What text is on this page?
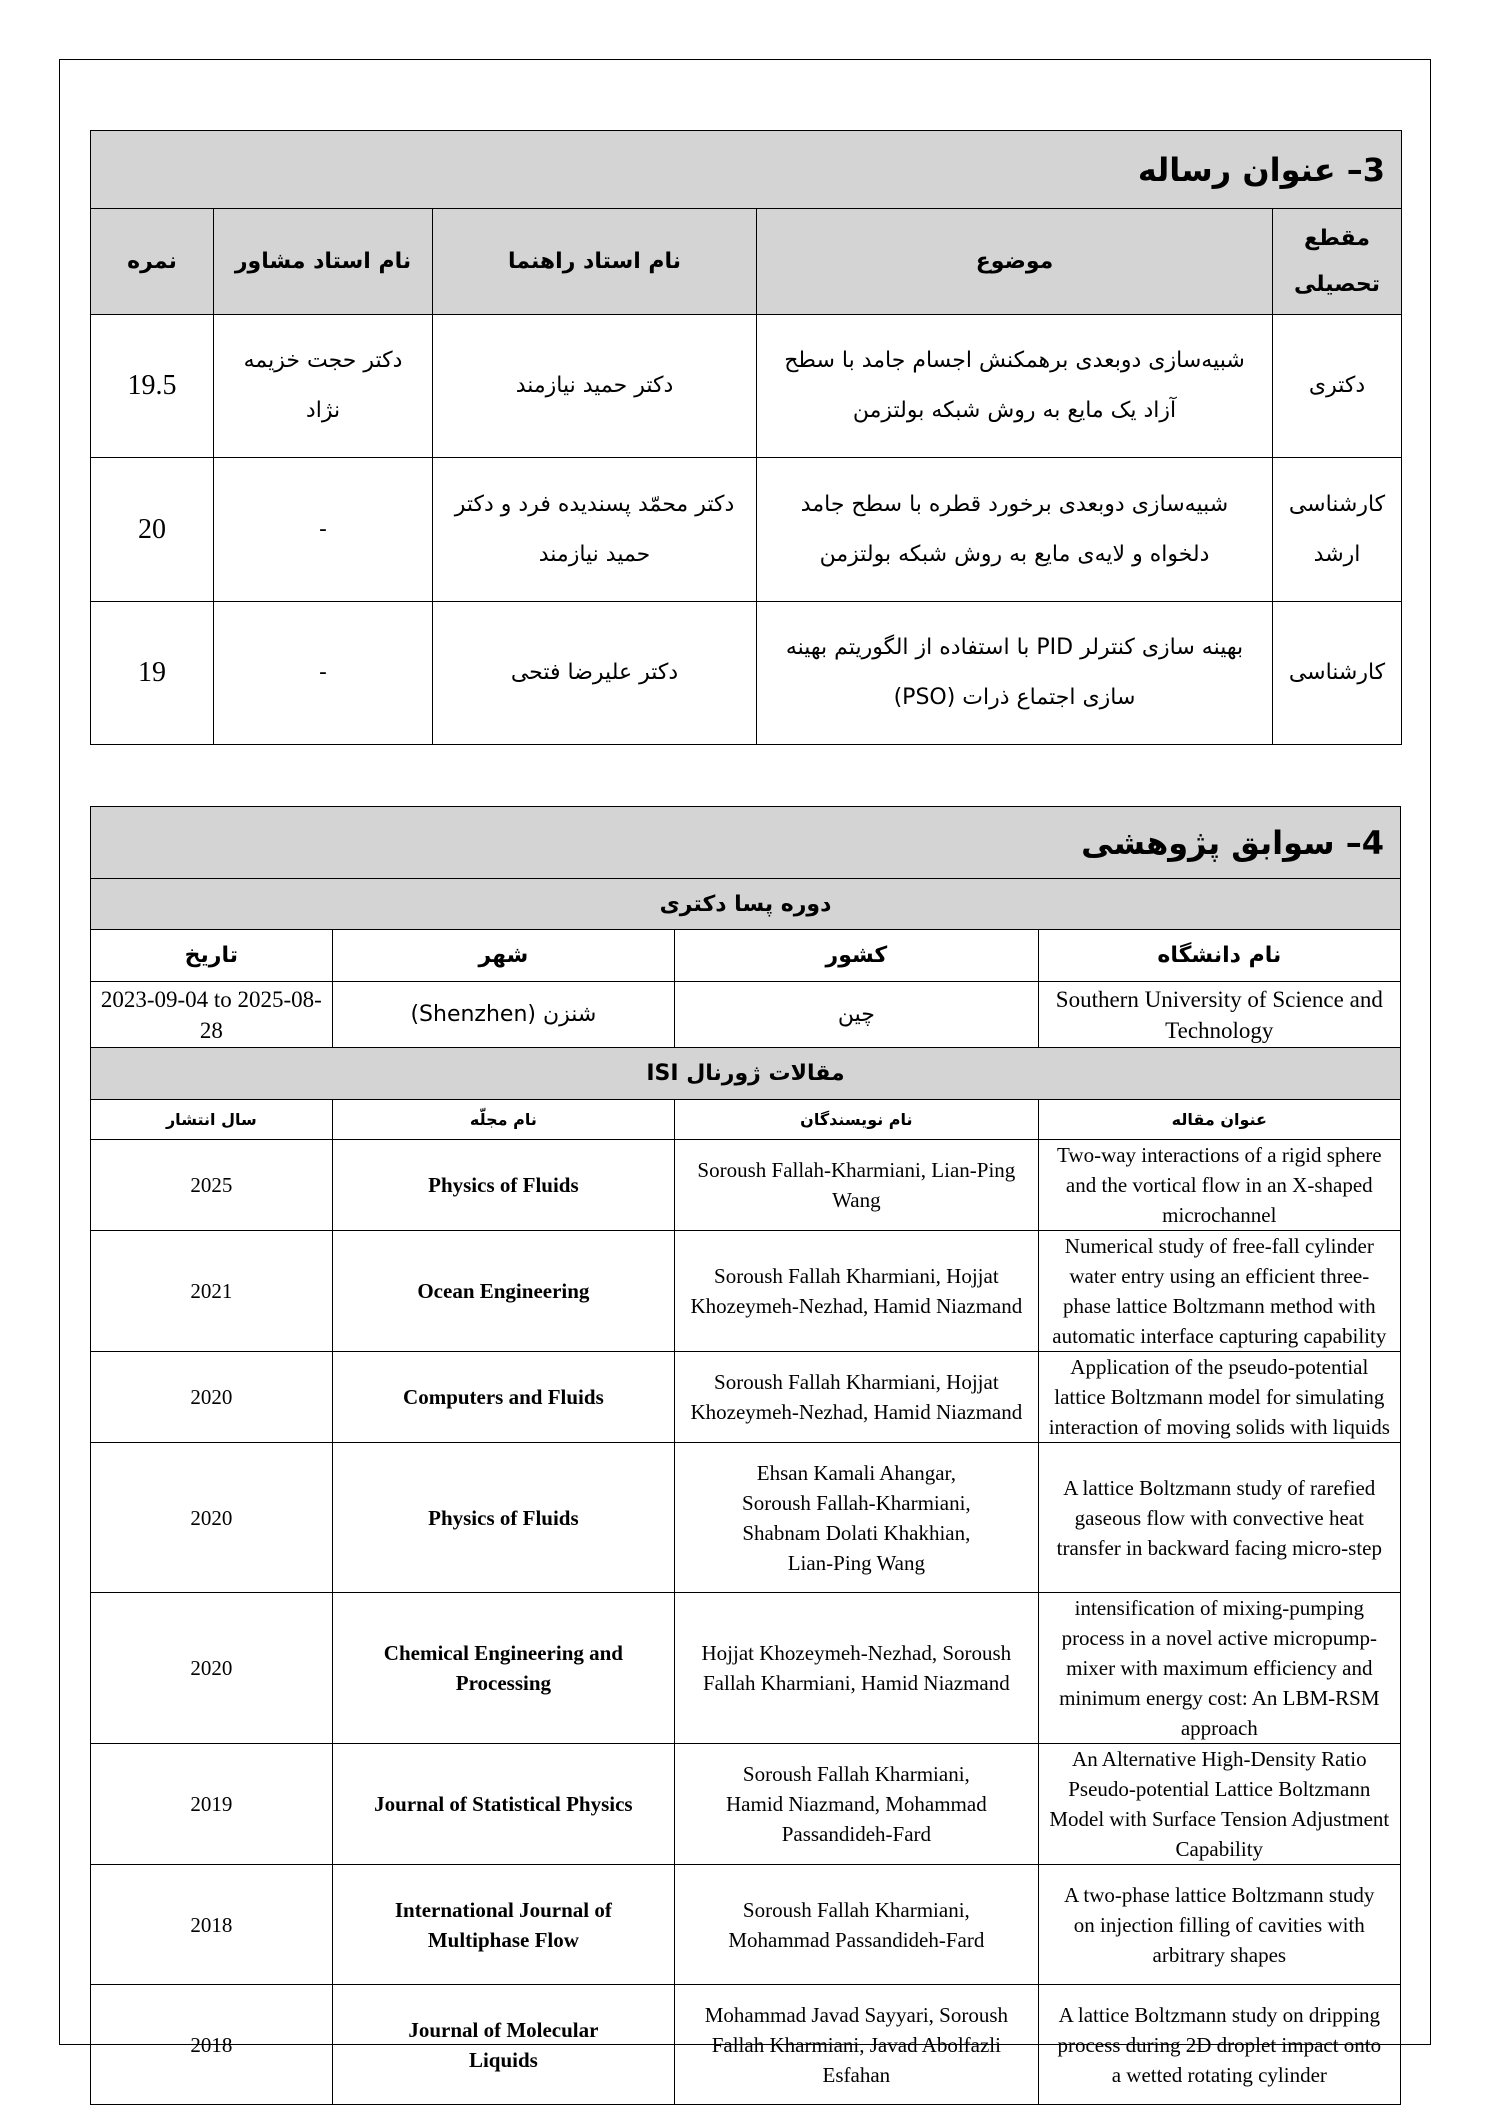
3– عنوان رساله				
مقطع تحصیلی	موضوع	نام استاد راهنما	نام استاد مشاور	نمره
دکتری	شبیه‌سازی دوبعدی برهمکنش اجسام جامد با سطح آزاد یک مایع به روش شبکه بولتزمن	دکتر حمید نیازمند	دکتر حجت خزیمه نژاد	19.5
کارشناسی ارشد	شبیه‌سازی دوبعدی برخورد قطره با سطح جامد دلخواه و لایه‌ی مایع به روش شبکه بولتزمن	دکتر محمّد پسندیده فرد و دکتر حمید نیازمند	-	20
کارشناسی	بهینه سازی کنترلر PID با استفاده از الگوریتم بهینه سازی اجتماع ذرات (PSO)	دکتر علیرضا فتحی	-	19
4– سوابق پژوهشی			
دوره پسا دکتری			
نام دانشگاه	کشور	شهر	تاریخ
Southern University of Science and Technology	چین	شنزن (Shenzhen)	2023-09-04 to 2025-08-28
مقالات ژورنال ISI			
عنوان مقاله	نام نویسندگان	نام مجلّه	سال انتشار
Two-way interactions of a rigid sphere and the vortical flow in an X-shaped microchannel	Soroush Fallah-Kharmiani, Lian-Ping Wang	Physics of Fluids	2025
Numerical study of free-fall cylinder water entry using an efficient three-phase lattice Boltzmann method with automatic interface capturing capability	Soroush Fallah Kharmiani, Hojjat Khozeymeh-Nezhad, Hamid Niazmand	Ocean Engineering	2021
Application of the pseudo-potential lattice Boltzmann model for simulating interaction of moving solids with liquids	Soroush Fallah Kharmiani, Hojjat Khozeymeh-Nezhad, Hamid Niazmand	Computers and Fluids	2020
A lattice Boltzmann study of rarefied gaseous flow with convective heat transfer in backward facing micro-step	Ehsan Kamali Ahangar, Soroush Fallah-Kharmiani, Shabnam Dolati Khakhian, Lian-Ping Wang	Physics of Fluids	2020
intensification of mixing-pumping process in a novel active micropump-mixer with maximum efficiency and minimum energy cost: An LBM-RSM approach	Hojjat Khozeymeh-Nezhad, Soroush Fallah Kharmiani, Hamid Niazmand	Chemical Engineering and Processing	2020
An Alternative High-Density Ratio Pseudo-potential Lattice Boltzmann Model with Surface Tension Adjustment Capability	Soroush Fallah Kharmiani, Hamid Niazmand, Mohammad Passandideh-Fard	Journal of Statistical Physics	2019
A two-phase lattice Boltzmann study on injection filling of cavities with arbitrary shapes	Soroush Fallah Kharmiani, Mohammad Passandideh-Fard	International Journal of Multiphase Flow	2018
A lattice Boltzmann study on dripping process during 2D droplet impact onto a wetted rotating cylinder	Mohammad Javad Sayyari, Soroush Fallah Kharmiani, Javad Abolfazli Esfahan	Journal of Molecular Liquids	2018
